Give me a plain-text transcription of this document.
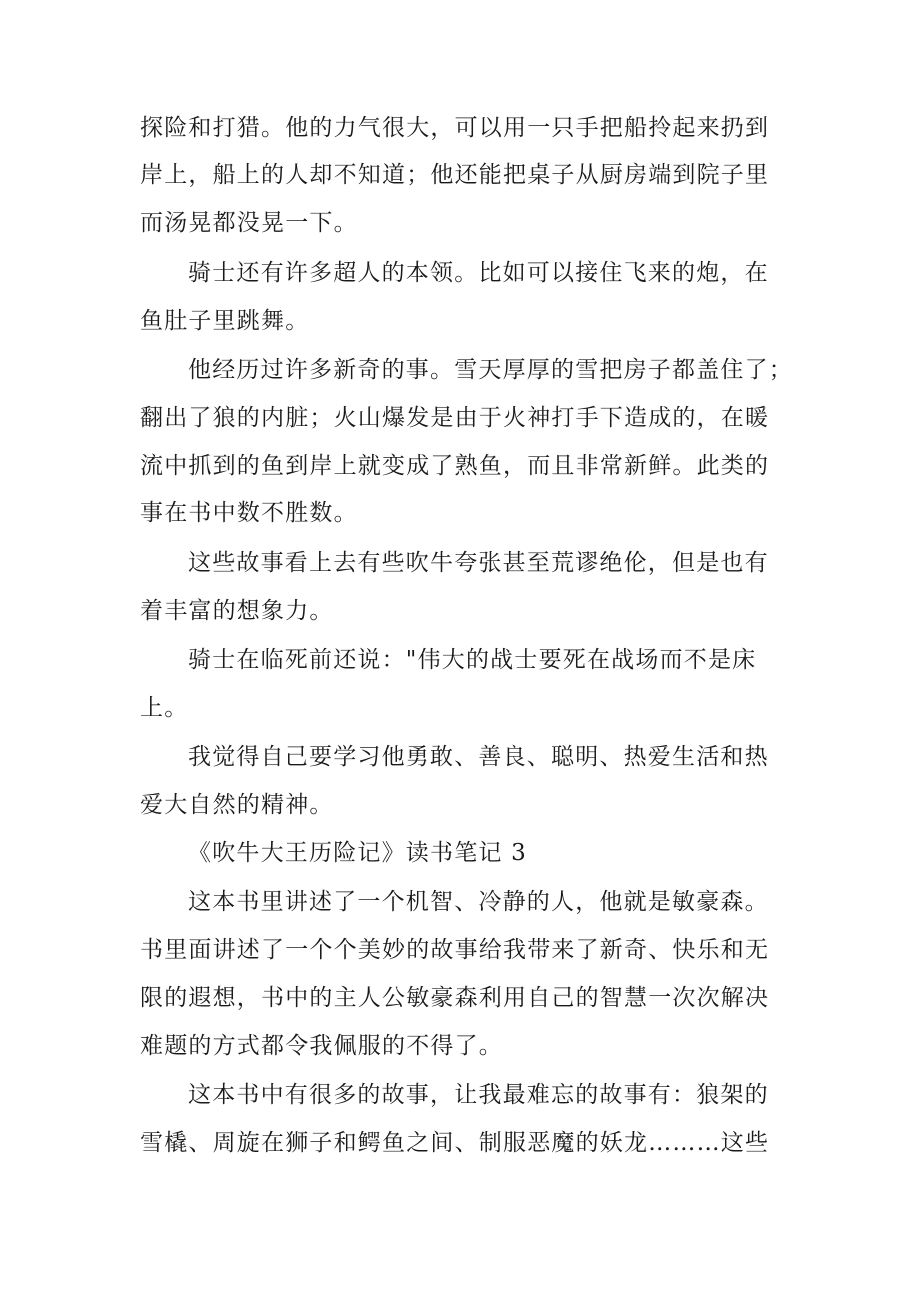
探险和打猎。他的力气很大，可以用一只手把船拎起来扔到
岸上，船上的人却不知道；他还能把桌子从厨房端到院子里
而汤晃都没晃一下。
骑士还有许多超人的本领。比如可以接住飞来的炮，在
鱼肚子里跳舞。
他经历过许多新奇的事。雪天厚厚的雪把房子都盖住了；
翻出了狼的内脏；火山爆发是由于火神打手下造成的，在暖
流中抓到的鱼到岸上就变成了熟鱼，而且非常新鲜。此类的
事在书中数不胜数。
这些故事看上去有些吹牛夸张甚至荒谬绝伦，但是也有
着丰富的想象力。
骑士在临死前还说："伟大的战士要死在战场而不是床
上。
我觉得自己要学习他勇敢、善良、聪明、热爱生活和热
爱大自然的精神。
《吹牛大王历险记》读书笔记 3
这本书里讲述了一个机智、冷静的人，他就是敏豪森。
书里面讲述了一个个美妙的故事给我带来了新奇、快乐和无
限的遐想，书中的主人公敏豪森利用自己的智慧一次次解决
难题的方式都令我佩服的不得了。
这本书中有很多的故事，让我最难忘的故事有：狼架的
雪橇、周旋在狮子和鳄鱼之间、制服恶魔的妖龙………这些
